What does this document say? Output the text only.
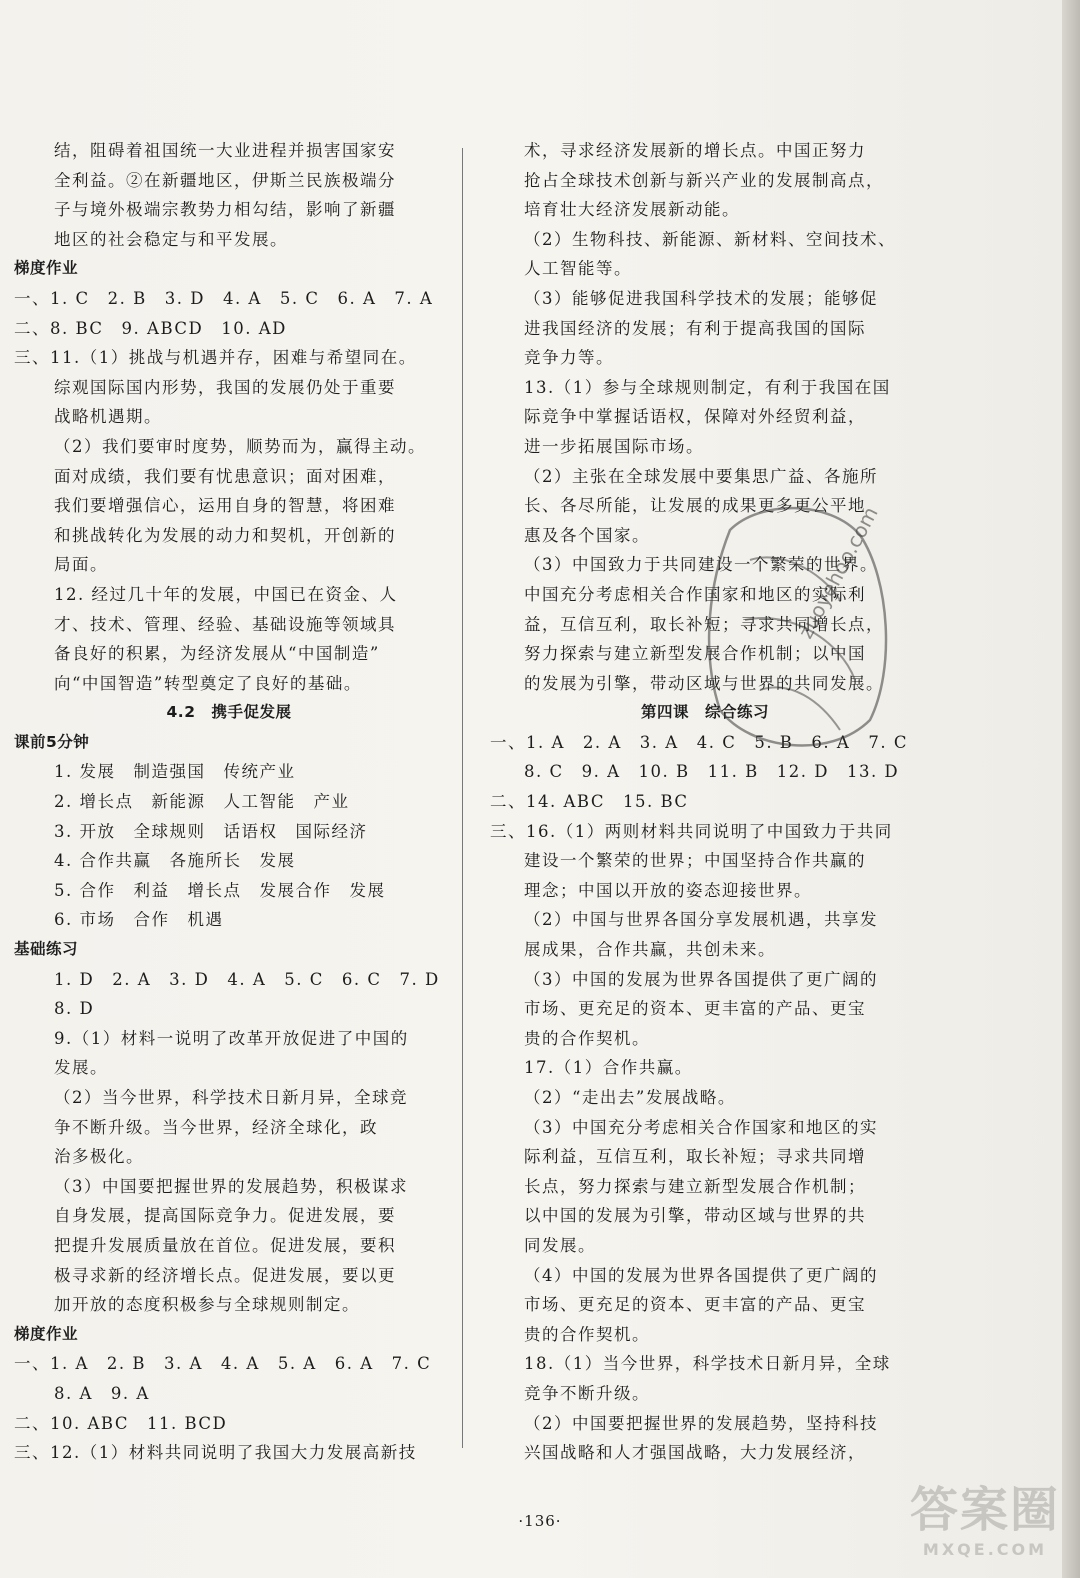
结，阻碍着祖国统一大业进程并损害国家安
全利益。②在新疆地区，伊斯兰民族极端分
子与境外极端宗教势力相勾结，影响了新疆
地区的社会稳定与和平发展。
梯度作业
一、1. C　2. B　3. D　4. A　5. C　6. A　7. A
二、8. BC　9. ABCD　10. AD
三、11.（1）挑战与机遇并存，困难与希望同在。
综观国际国内形势，我国的发展仍处于重要
战略机遇期。
（2）我们要审时度势，顺势而为，赢得主动。
面对成绩，我们要有忧患意识；面对困难，
我们要增强信心，运用自身的智慧，将困难
和挑战转化为发展的动力和契机，开创新的
局面。
12. 经过几十年的发展，中国已在资金、人
才、技术、管理、经验、基础设施等领域具
备良好的积累，为经济发展从“中国制造”
向“中国智造”转型奠定了良好的基础。
4.2　携手促发展
课前5分钟
1. 发展　制造强国　传统产业
2. 增长点　新能源　人工智能　产业
3. 开放　全球规则　话语权　国际经济
4. 合作共赢　各施所长　发展
5. 合作　利益　增长点　发展合作　发展
6. 市场　合作　机遇
基础练习
1. D　2. A　3. D　4. A　5. C　6. C　7. D
8. D
9.（1）材料一说明了改革开放促进了中国的
发展。
（2）当今世界，科学技术日新月异，全球竞
争不断升级。当今世界，经济全球化，政
治多极化。
（3）中国要把握世界的发展趋势，积极谋求
自身发展，提高国际竞争力。促进发展，要
把提升发展质量放在首位。促进发展，要积
极寻求新的经济增长点。促进发展，要以更
加开放的态度积极参与全球规则制定。
梯度作业
一、1. A　2. B　3. A　4. A　5. A　6. A　7. C
8. A　9. A
二、10. ABC　11. BCD
三、12.（1）材料共同说明了我国大力发展高新技
术，寻求经济发展新的增长点。中国正努力
抢占全球技术创新与新兴产业的发展制高点，
培育壮大经济发展新动能。
（2）生物科技、新能源、新材料、空间技术、
人工智能等。
（3）能够促进我国科学技术的发展；能够促
进我国经济的发展；有利于提高我国的国际
竞争力等。
13.（1）参与全球规则制定，有利于我国在国
际竞争中掌握话语权，保障对外经贸利益，
进一步拓展国际市场。
（2）主张在全球发展中要集思广益、各施所
长、各尽所能，让发展的成果更多更公平地
惠及各个国家。
（3）中国致力于共同建设一个繁荣的世界。
中国充分考虑相关合作国家和地区的实际利
益，互信互利，取长补短；寻求共同增长点，
努力探索与建立新型发展合作机制；以中国
的发展为引擎，带动区域与世界的共同发展。
第四课　综合练习
一、1. A　2. A　3. A　4. C　5. B　6. A　7. C
8. C　9. A　10. B　11. B　12. D　13. D
二、14. ABC　15. BC
三、16.（1）两则材料共同说明了中国致力于共同
建设一个繁荣的世界；中国坚持合作共赢的
理念；中国以开放的姿态迎接世界。
（2）中国与世界各国分享发展机遇，共享发
展成果，合作共赢，共创未来。
（3）中国的发展为世界各国提供了更广阔的
市场、更充足的资本、更丰富的产品、更宝
贵的合作契机。
17.（1）合作共赢。
（2）“走出去”发展战略。
（3）中国充分考虑相关合作国家和地区的实
际利益，互信互利，取长补短；寻求共同增
长点，努力探索与建立新型发展合作机制；
以中国的发展为引擎，带动区域与世界的共
同发展。
（4）中国的发展为世界各国提供了更广阔的
市场、更充足的资本、更丰富的产品、更宝
贵的合作契机。
18.（1）当今世界，科学技术日新月异，全球
竞争不断升级。
（2）中国要把握世界的发展趋势，坚持科技
兴国战略和人才强国战略，大力发展经济，
zuoyehoo.com
·136·	答案圈
MXQE.COM
